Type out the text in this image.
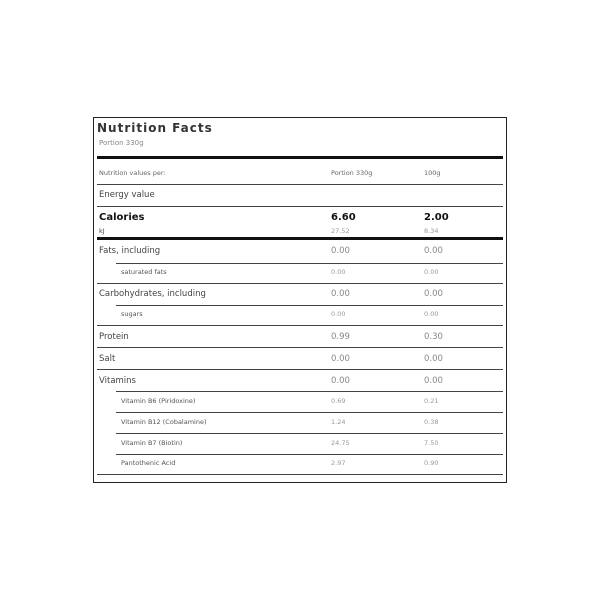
Nutrition Facts
Portion 330g
Nutrition values per:	Portion 330g	100g
Energy value
Calories	6.60	2.00
kJ	27.52	8.34
Fats, including	0.00	0.00
saturated fats	0.00	0.00
Carbohydrates, including	0.00	0.00
sugars	0.00	0.00
Protein	0.99	0.30
Salt	0.00	0.00
Vitamins	0.00	0.00
Vitamin B6 (Piridoxine)	0.69	0.21
Vitamin B12 (Cobalamine)	1.24	0.38
Vitamin B7 (Biotin)	24.75	7.50
Pantothenic Acid	2.97	0.90
